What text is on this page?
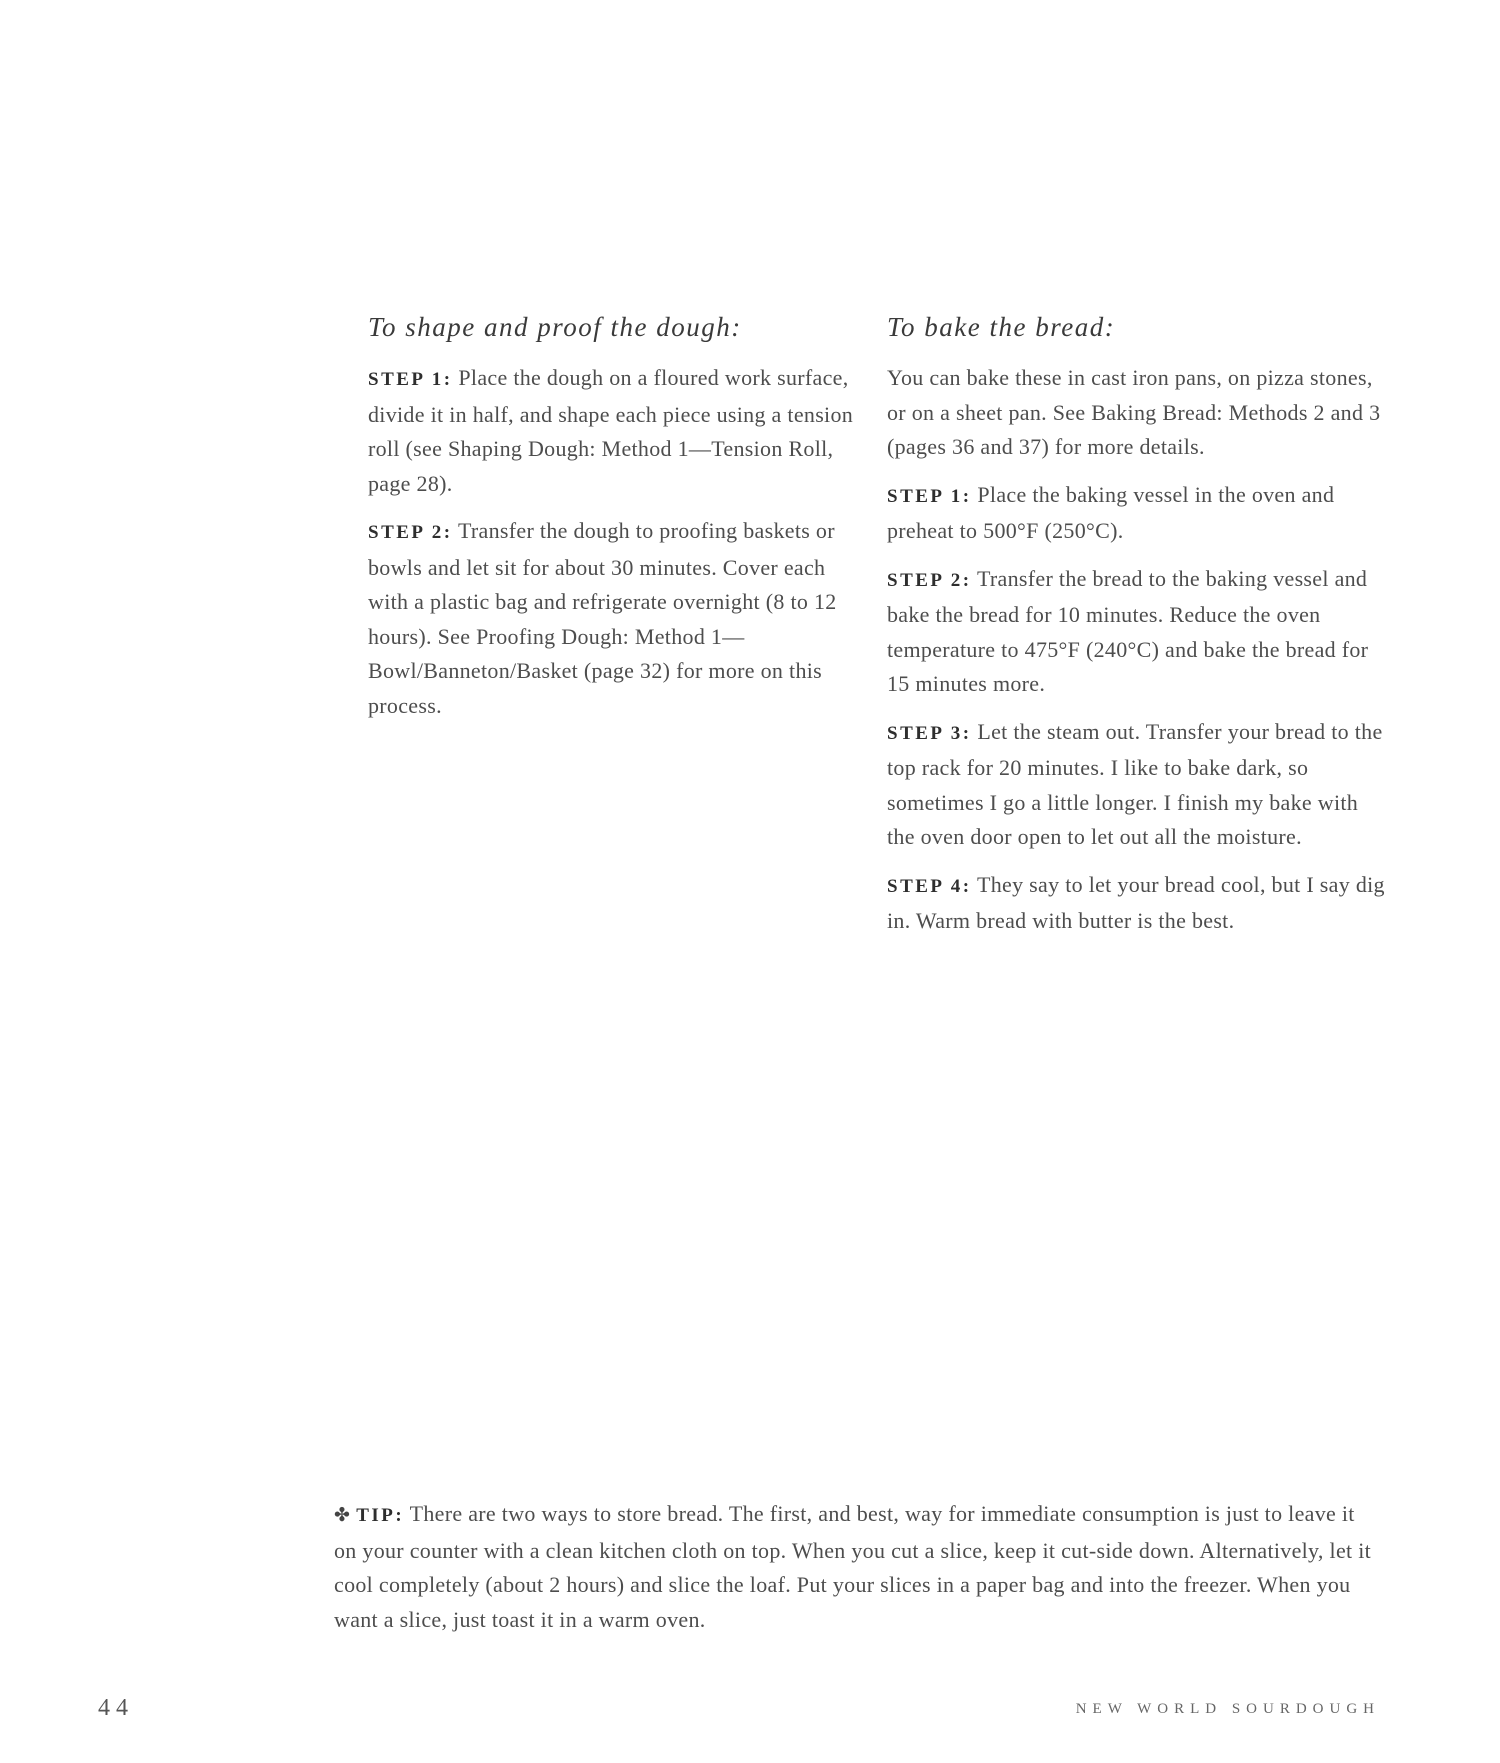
To shape and proof the dough:

STEP 1: Place the dough on a floured work surface, divide it in half, and shape each piece using a tension roll (see Shaping Dough: Method 1—Tension Roll, page 28).

STEP 2: Transfer the dough to proofing baskets or bowls and let sit for about 30 minutes. Cover each with a plastic bag and refrigerate overnight (8 to 12 hours). See Proofing Dough: Method 1—Bowl/Banneton/Basket (page 32) for more on this process.

To bake the bread:

You can bake these in cast iron pans, on pizza stones, or on a sheet pan. See Baking Bread: Methods 2 and 3 (pages 36 and 37) for more details.

STEP 1: Place the baking vessel in the oven and preheat to 500°F (250°C).

STEP 2: Transfer the bread to the baking vessel and bake the bread for 10 minutes. Reduce the oven temperature to 475°F (240°C) and bake the bread for 15 minutes more.

STEP 3: Let the steam out. Transfer your bread to the top rack for 20 minutes. I like to bake dark, so sometimes I go a little longer. I finish my bake with the oven door open to let out all the moisture.

STEP 4: They say to let your bread cool, but I say dig in. Warm bread with butter is the best.

✤ TIP: There are two ways to store bread. The first, and best, way for immediate consumption is just to leave it on your counter with a clean kitchen cloth on top. When you cut a slice, keep it cut-side down. Alternatively, let it cool completely (about 2 hours) and slice the loaf. Put your slices in a paper bag and into the freezer. When you want a slice, just toast it in a warm oven.
44	NEW WORLD SOURDOUGH
